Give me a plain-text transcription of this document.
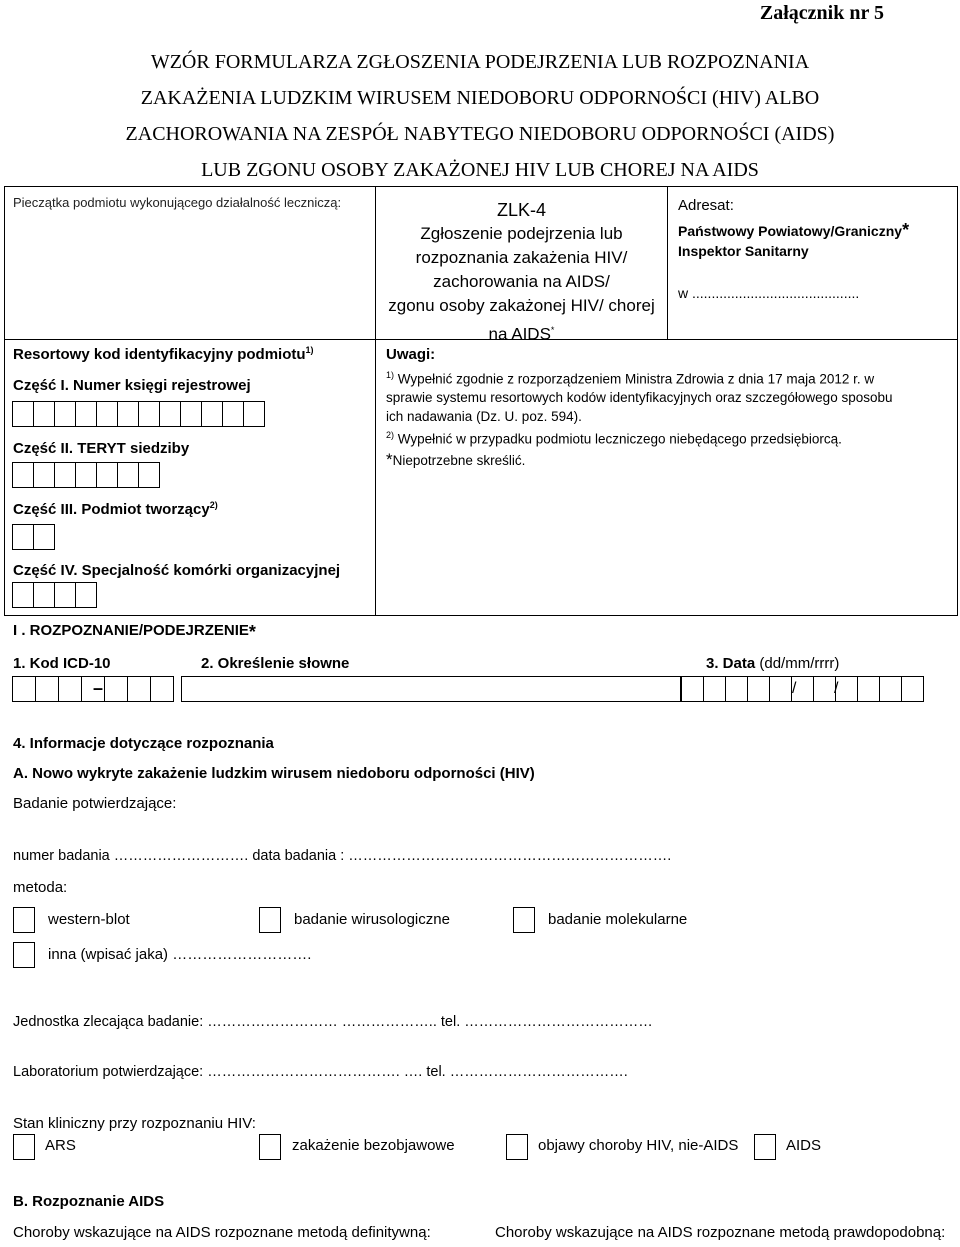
Załącznik nr 5
WZÓR FORMULARZA ZGŁOSZENIA PODEJRZENIA LUB ROZPOZNANIA
ZAKAŻENIA LUDZKIM WIRUSEM NIEDOBORU ODPORNOŚCI (HIV) ALBO
ZACHOROWANIA NA ZESPÓŁ NABYTEGO NIEDOBORU ODPORNOŚCI (AIDS)
LUB ZGONU OSOBY ZAKAŻONEJ HIV LUB CHOREJ NA AIDS
Pieczątka podmiotu wykonującego działalność leczniczą:	ZLK-4
Zgłoszenie podejrzenia lub
rozpoznania zakażenia HIV/
zachorowania na AIDS/
zgonu osoby zakażonej HIV/ chorej
na AIDS*
Adresat:
Państwowy Powiatowy/Graniczny*
Inspektor Sanitarny
w ...........................................
Resortowy kod identyfikacyjny podmiotu$^{1)}$
Część I. Numer księgi rejestrowej
Część II. TERYT siedziby
Część III. Podmiot tworzący$^{2)}$
Część IV. Specjalność komórki organizacyjnej
Uwagi:
$^{1)}$ Wypełnić zgodnie z rozporządzeniem Ministra Zdrowia z dnia 17 maja 2012 r. w
sprawie systemu resortowych kodów identyfikacyjnych oraz szczegółowego sposobu
ich nadawania (Dz. U. poz. 594).
$^{2)}$ Wypełnić w przypadku podmiotu leczniczego niebędącego przedsiębiorcą.
*Niepotrzebne skreślić.
I . ROZPOZNANIE/PODEJRZENIE*
1. Kod ICD-10	2. Określenie słowne	3. Data (dd/mm/rrrr)
–	/ /
4. Informacje dotyczące rozpoznania
A. Nowo wykryte zakażenie ludzkim wirusem niedoboru odporności (HIV)
Badanie potwierdzające:
numer badania ………………………. data badania : ………………………………………………………….
metoda:
western-blot	badanie wirusologiczne	badanie molekularne
inna (wpisać jaka) ……………………….
Jednostka zlecająca badanie: ……………………… ……………….. tel. …………………………………
Laboratorium potwierdzające: …………………………………. …. tel. ……………………………….
Stan kliniczny przy rozpoznaniu HIV:
ARS	zakażenie bezobjawowe	objawy choroby HIV, nie-AIDS	AIDS
B. Rozpoznanie AIDS
Choroby wskazujące na AIDS rozpoznane metodą definitywną:	Choroby wskazujące na AIDS rozpoznane metodą prawdopodobną:
